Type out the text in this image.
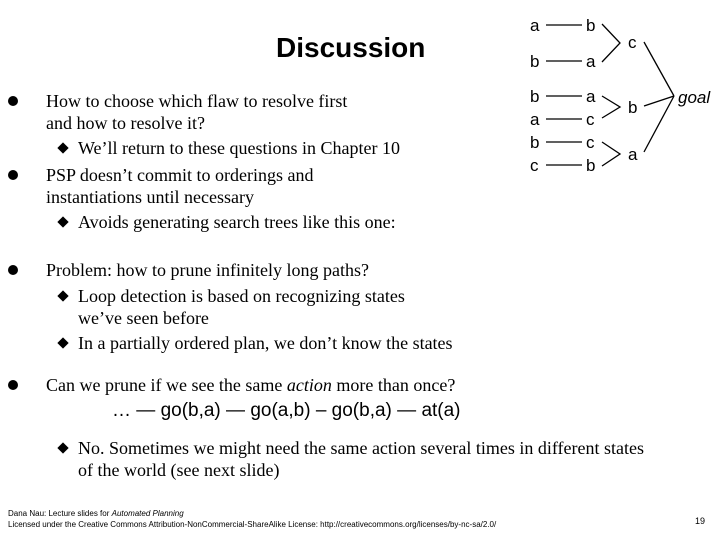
Discussion
a	b
b	a
b	a
a	c
b	c
c	b
c
b
a
goal
How to choose which flaw to resolve first
and how to resolve it?
We’ll return to these questions in Chapter 10
PSP doesn’t commit to orderings and
instantiations until necessary
Avoids generating search trees like this one:
Problem: how to prune infinitely long paths?
Loop detection is based on recognizing states
we’ve seen before
In a partially ordered plan, we don’t know the states
Can we prune if we see the same action more than once?
… — go(b,a) — go(a,b) – go(b,a) — at(a)
No. Sometimes we might need the same action several times in different states
of the world (see next slide)
Dana Nau: Lecture slides for Automated Planning
Licensed under the Creative Commons Attribution-NonCommercial-ShareAlike License: http://creativecommons.org/licenses/by-nc-sa/2.0/	19
